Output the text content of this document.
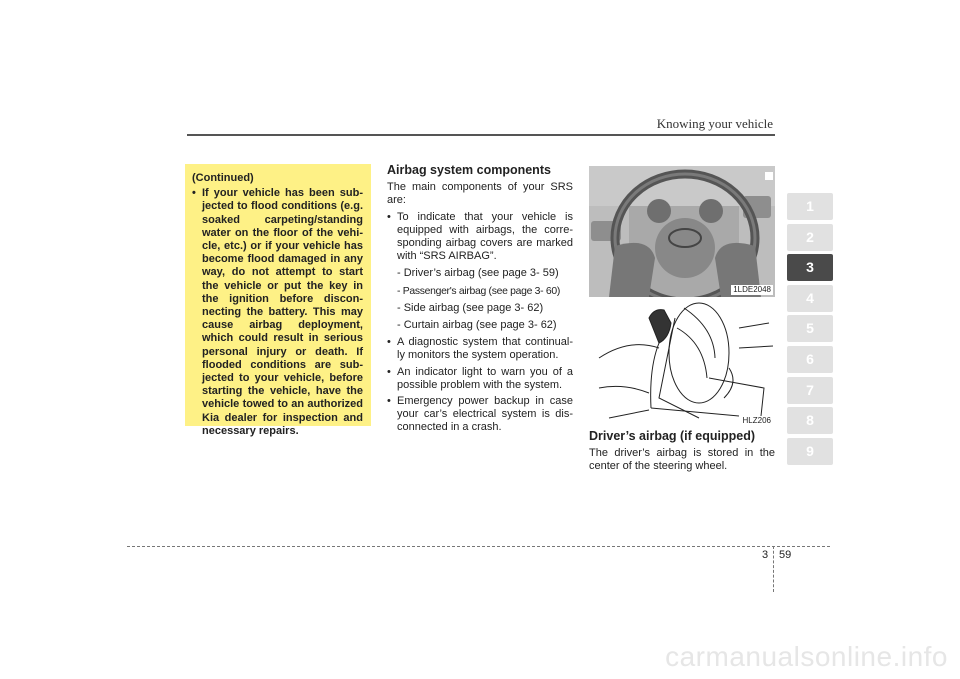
Knowing your vehicle
(Continued)
• If your vehicle has been sub-jected to flood conditions (e.g. soaked carpeting/standing water on the floor of the vehi-cle, etc.) or if your vehicle has become flood damaged in any way, do not attempt to start the vehicle or put the key in the ignition before discon-necting the battery. This may cause airbag deployment, which could result in serious personal injury or death. If flooded conditions are sub-jected to your vehicle, before starting the vehicle, have the vehicle towed to an authorized Kia dealer for inspection and necessary repairs.
Airbag system components
The main components of your SRS are:
• To indicate that your vehicle is equipped with airbags, the corre-sponding airbag covers are marked with “SRS AIRBAG”.
- Driver’s airbag (see page 3- 59)
- Passenger's airbag (see page 3- 60)
- Side airbag (see page 3- 62)
- Curtain airbag (see page 3- 62)
• A diagnostic system that continual-ly monitors the system operation.
• An indicator light to warn you of a possible problem with the system.
• Emergency power backup in case your car’s electrical system is dis-connected in a crash.
1LDE2048
HLZ206
Driver’s airbag (if equipped)
The driver’s airbag is stored in the center of the steering wheel.
1
2
3
4
5
6
7
8
9
3 59
carmanualsonline.info
